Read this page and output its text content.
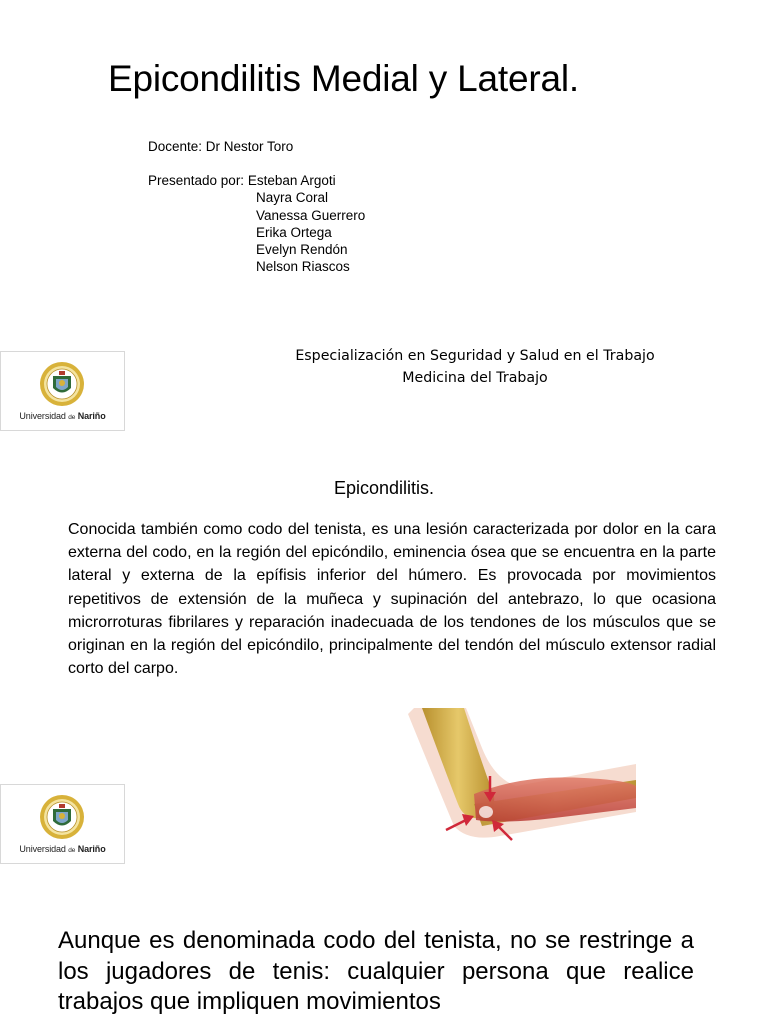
Epicondilitis Medial y Lateral.
Docente: Dr Nestor Toro
Presentado por: Esteban Argoti
Nayra Coral
Vanessa Guerrero
Erika Ortega
Evelyn Rendón
Nelson Riascos
Especialización en Seguridad y Salud en el Trabajo
Medicina del Trabajo
Universidad de Nariño
Epicondilitis.
Conocida también como codo del tenista, es una lesión caracterizada por dolor en la cara externa del codo, en la región del epicóndilo, eminencia ósea que se encuentra en la parte lateral y externa de la epífisis inferior del húmero. Es provocada por movimientos repetitivos de extensión de la muñeca y supinación del antebrazo, lo que ocasiona microrroturas fibrilares y reparación inadecuada de los tendones de los músculos que se originan en la región del epicóndilo, principalmente del tendón del músculo extensor radial corto del carpo.
Universidad de Nariño
Aunque es denominada codo del tenista, no se restringe a los jugadores de tenis: cualquier persona que realice trabajos que impliquen movimientos
